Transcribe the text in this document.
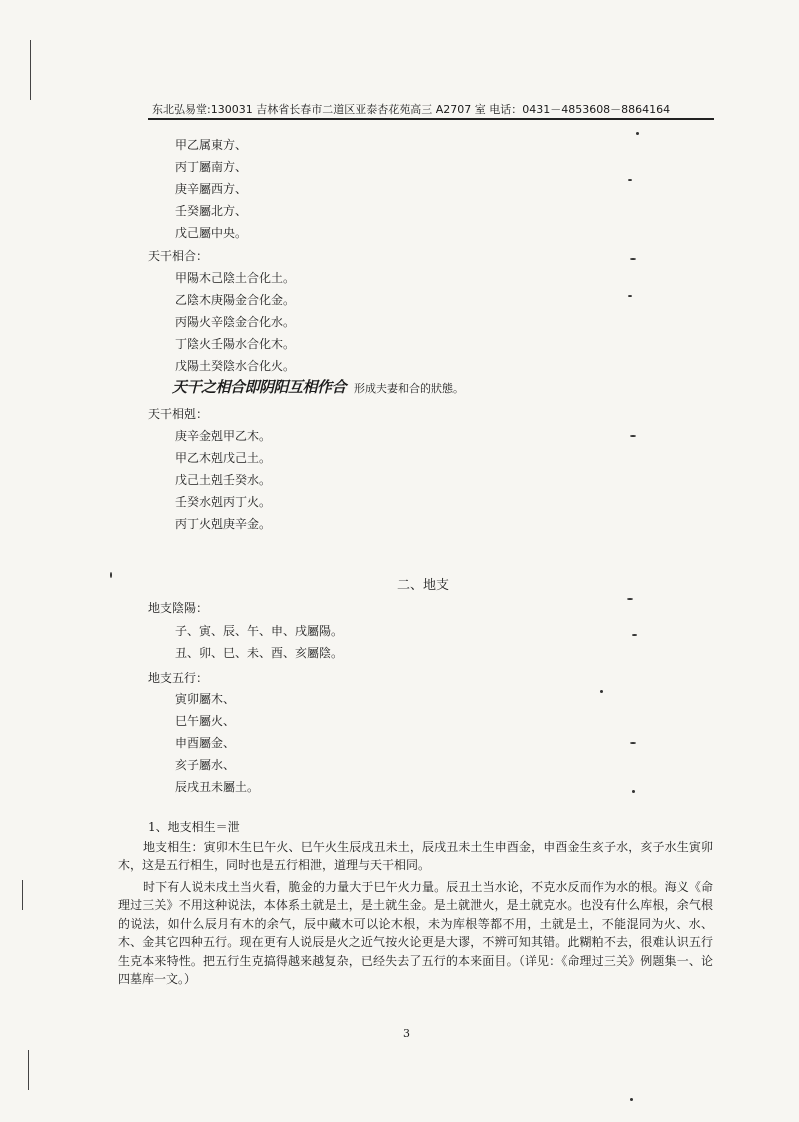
东北弘易堂:130031 吉林省长春市二道区亚泰杏花苑高三 A2707 室 电话：0431－4853608－8864164
甲乙属東方、
丙丁屬南方、
庚辛屬西方、
壬癸屬北方、
戊己屬中央。
天干相合：
甲陽木己陰土合化土。
乙陰木庚陽金合化金。
丙陽火辛陰金合化水。
丁陰火壬陽水合化木。
戊陽土癸陰水合化火。
天干之相合即阴阳互相作合 形成夫妻和合的狀態。
天干相剋：
庚辛金剋甲乙木。
甲乙木剋戊己土。
戊己土剋壬癸水。
壬癸水剋丙丁火。
丙丁火剋庚辛金。
二、地支
地支陰陽：
子、寅、辰、午、申、戌屬陽。
丑、卯、巳、未、酉、亥屬陰。
地支五行：
寅卯屬木、
巳午屬火、
申酉屬金、
亥子屬水、
辰戌丑未屬土。
1、地支相生＝泄
地支相生：寅卯木生巳午火、巳午火生辰戌丑未土，辰戌丑未土生申酉金，申酉金生亥子水，亥子水生寅卯木，这是五行相生，同时也是五行相泄，道理与天干相同。
时下有人说未戌土当火看，脆金的力量大于巳午火力量。辰丑土当水论，不克水反而作为水的根。海义《命理过三关》不用这种说法，本体系土就是土，是土就生金。是土就泄火，是土就克水。也没有什么库根，余气根的说法，如什么辰月有木的余气，辰中藏木可以论木根，未为库根等都不用，土就是土，不能混同为火、水、木、金其它四种五行。现在更有人说辰是火之近气按火论更是大谬，不辨可知其错。此糊粕不去，很难认识五行生克本来特性。把五行生克搞得越来越复杂，已经失去了五行的本来面目。（详见：《命理过三关》例题集一、论四墓库一文。）
3
